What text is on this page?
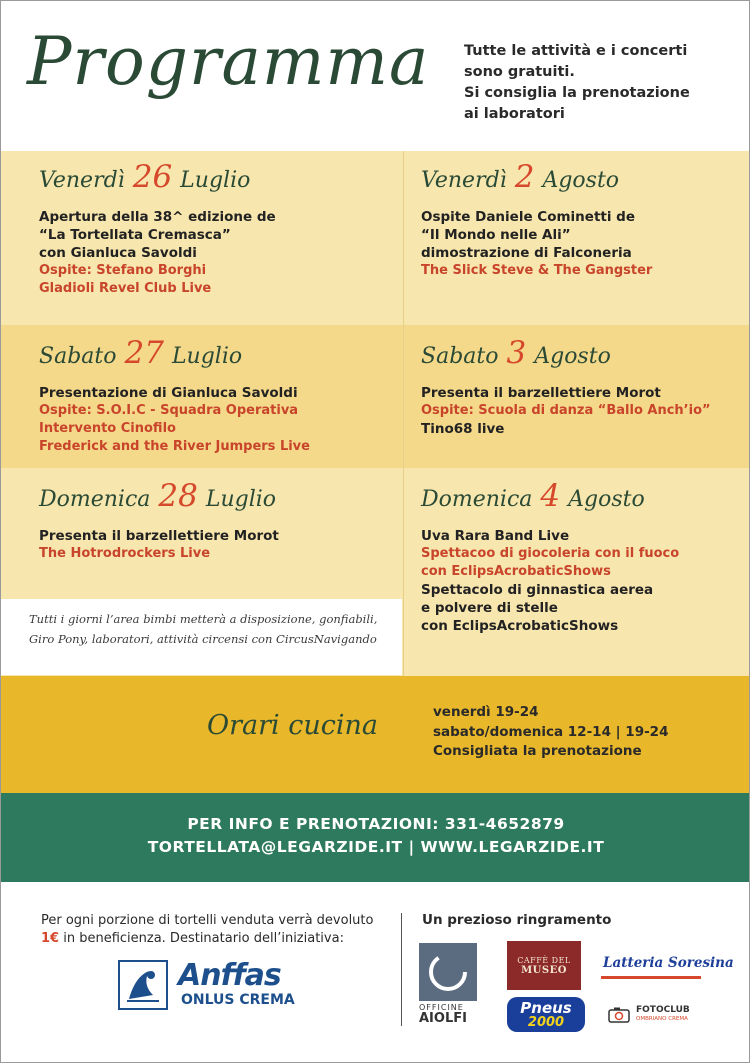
Programma Tutte le attività e i concerti
sono gratuiti.
Si consiglia la prenotazione
ai laboratori
Venerdì 26 Luglio
Apertura della 38^ edizione de
“La Tortellata Cremasca”
con Gianluca Savoldi
Ospite: Stefano Borghi
Gladioli Revel Club Live
Venerdì 2 Agosto
Ospite Daniele Cominetti de
“Il Mondo nelle Ali”
dimostrazione di Falconeria
The Slick Steve & The Gangster
Sabato 27 Luglio
Presentazione di Gianluca Savoldi
Ospite: S.O.I.C - Squadra Operativa
Intervento Cinofilo
Frederick and the River Jumpers Live
Sabato 3 Agosto
Presenta il barzellettiere Morot
Ospite: Scuola di danza “Ballo Anch’io”
Tino68 live
Domenica 28 Luglio
Presenta il barzellettiere Morot
The Hotrodrockers Live
Domenica 4 Agosto
Uva Rara Band Live
Spettacoo di giocoleria con il fuoco
con EclipsAcrobaticShows
Spettacolo di ginnastica aerea
e polvere di stelle
con EclipsAcrobaticShows
Tutti i giorni l’area bimbi metterà a disposizione, gonfiabili,
Giro Pony, laboratori, attività circensi con CircusNavigando
Orari cucina	venerdì 19-24
sabato/domenica 12-14 | 19-24
Consigliata la prenotazione
PER INFO E PRENOTAZIONI: 331-4652879
TORTELLATA@LEGARZIDE.IT | WWW.LEGARZIDE.IT
Per ogni porzione di tortelli venduta verrà devoluto
1€ in beneficienza. Destinatario dell’iniziativa:
Anffas
ONLUS CREMA
Un prezioso ringramento
OFFICINE
AIOLFI
CAFFÈ DEL
MUSEO	Latteria Soresina
Pneus
2000
FOTOCLUB
OMBRIANO CREMA
